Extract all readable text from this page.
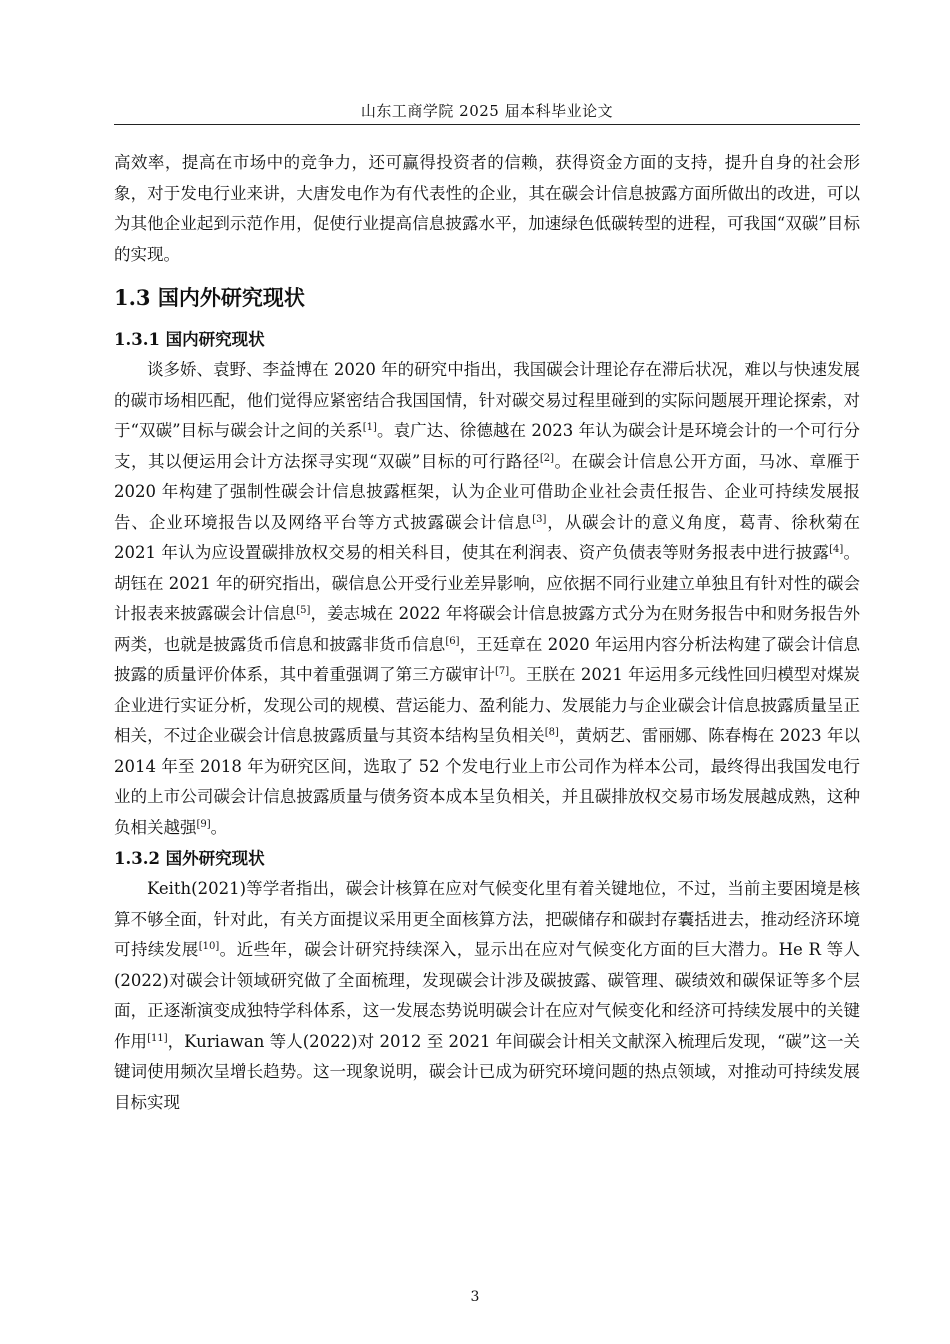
山东工商学院 2025 届本科毕业论文

高效率，提高在市场中的竞争力，还可赢得投资者的信赖，获得资金方面的支持，提升自身的社会形象，对于发电行业来讲，大唐发电作为有代表性的企业，其在碳会计信息披露方面所做出的改进，可以为其他企业起到示范作用，促使行业提高信息披露水平，加速绿色低碳转型的进程，可我国“双碳”目标的实现。

1.3 国内外研究现状
1.3.1 国内研究现状

谈多娇、袁野、李益博在 2020 年的研究中指出，我国碳会计理论存在滞后状况，难以与快速发展的碳市场相匹配，他们觉得应紧密结合我国国情，针对碳交易过程里碰到的实际问题展开理论探索，对于“双碳”目标与碳会计之间的关系[1]。袁广达、徐德越在 2023 年认为碳会计是环境会计的一个可行分支，其以便运用会计方法探寻实现“双碳”目标的可行路径[2]。在碳会计信息公开方面，马冰、章雁于 2020 年构建了强制性碳会计信息披露框架，认为企业可借助企业社会责任报告、企业可持续发展报告、企业环境报告以及网络平台等方式披露碳会计信息[3]，从碳会计的意义角度，葛青、徐秋菊在 2021 年认为应设置碳排放权交易的相关科目，使其在利润表、资产负债表等财务报表中进行披露[4]。胡钰在 2021 年的研究指出，碳信息公开受行业差异影响，应依据不同行业建立单独且有针对性的碳会计报表来披露碳会计信息[5]，姜志城在 2022 年将碳会计信息披露方式分为在财务报告中和财务报告外两类，也就是披露货币信息和披露非货币信息[6]，王廷章在 2020 年运用内容分析法构建了碳会计信息披露的质量评价体系，其中着重强调了第三方碳审计[7]。王朕在 2021 年运用多元线性回归模型对煤炭企业进行实证分析，发现公司的规模、营运能力、盈利能力、发展能力与企业碳会计信息披露质量呈正相关，不过企业碳会计信息披露质量与其资本结构呈负相关[8]，黄炳艺、雷丽娜、陈春梅在 2023 年以 2014 年至 2018 年为研究区间，选取了 52 个发电行业上市公司作为样本公司，最终得出我国发电行业的上市公司碳会计信息披露质量与债务资本成本呈负相关，并且碳排放权交易市场发展越成熟，这种负相关越强[9]。

1.3.2 国外研究现状

Keith(2021)等学者指出，碳会计核算在应对气候变化里有着关键地位，不过，当前主要困境是核算不够全面，针对此，有关方面提议采用更全面核算方法，把碳储存和碳封存囊括进去，推动经济环境可持续发展[10]。近些年，碳会计研究持续深入，显示出在应对气候变化方面的巨大潜力。He R 等人(2022)对碳会计领域研究做了全面梳理，发现碳会计涉及碳披露、碳管理、碳绩效和碳保证等多个层面，正逐渐演变成独特学科体系，这一发展态势说明碳会计在应对气候变化和经济可持续发展中的关键作用[11]，Kuriawan 等人(2022)对 2012 至 2021 年间碳会计相关文献深入梳理后发现，“碳”这一关键词使用频次呈增长趋势。这一现象说明，碳会计已成为研究环境问题的热点领域，对推动可持续发展目标实现

3
